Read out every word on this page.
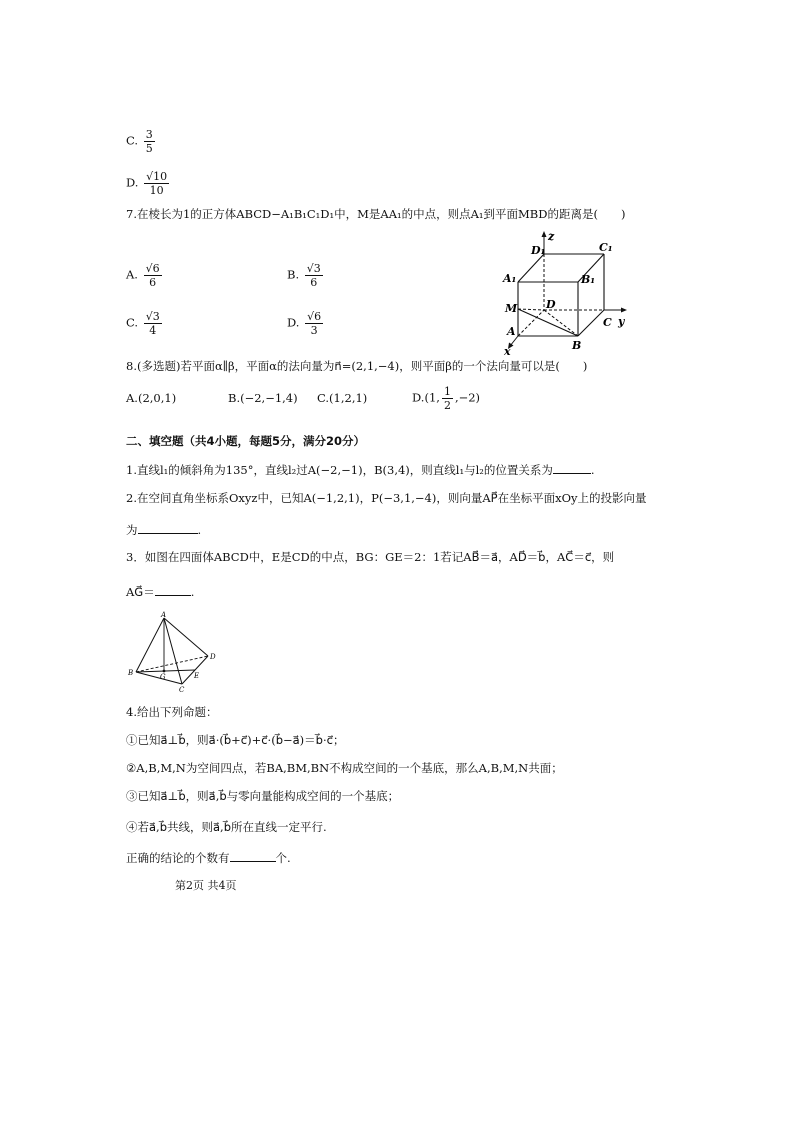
C. $\frac{3}{5}$
D. $\frac{√10}{10}$
7.在棱长为1的正方体ABCD−A₁B₁C₁D₁中，M是AA₁的中点，则点A₁到平面MBD的距离是(　　)
A. $\frac{√6}{6}$	B. $\frac{√3}{6}$
C. $\frac{√3}{4}$	D. $\frac{√6}{3}$
D₁
z
C₁
A₁	B₁
M	D
C y
A
B
x
8.(多选题)若平面α∥β，平面α的法向量为n⃗=(2,1,−4)，则平面β的一个法向量可以是(　　)
A.(2,0,1)	B.(−2,−1,4) C.(1,2,1)	D.(1, $\frac{1}{2} ,-2$)
二、填空题（共4小题，每题5分，满分20分）
1.直线l₁的倾斜角为135°，直线l₂过A(−2,−1)，B(3,4)，则直线l₁与l₂的位置关系为	.
2.在空间直角坐标系Oxyz中，已知A(−1,2,1)，P(−3,1,−4)，则向量AP⃗在坐标平面xOy上的投影向量
为	.
3．如图在四面体ABCD中，E是CD的中点，BG：GE＝2：1若记AB⃗＝a⃗，AD⃗＝b⃗，AC⃗＝c⃗，则
AG⃗＝	.
A
B	G
D
E
C
4.给出下列命题：
①已知a⃗⊥b⃗，则a⃗·(b⃗+c⃗)+c⃗·(b⃗−a⃗)＝b⃗·c⃗；
②A,B,M,N为空间四点，若BA,BM,BN不构成空间的一个基底，那么A,B,M,N共面；
③已知a⃗⊥b⃗，则a⃗,b⃗与零向量能构成空间的一个基底；
④若a⃗,b⃗共线，则a⃗,b⃗所在直线一定平行.
正确的结论的个数有	个.
第2页 共4页
